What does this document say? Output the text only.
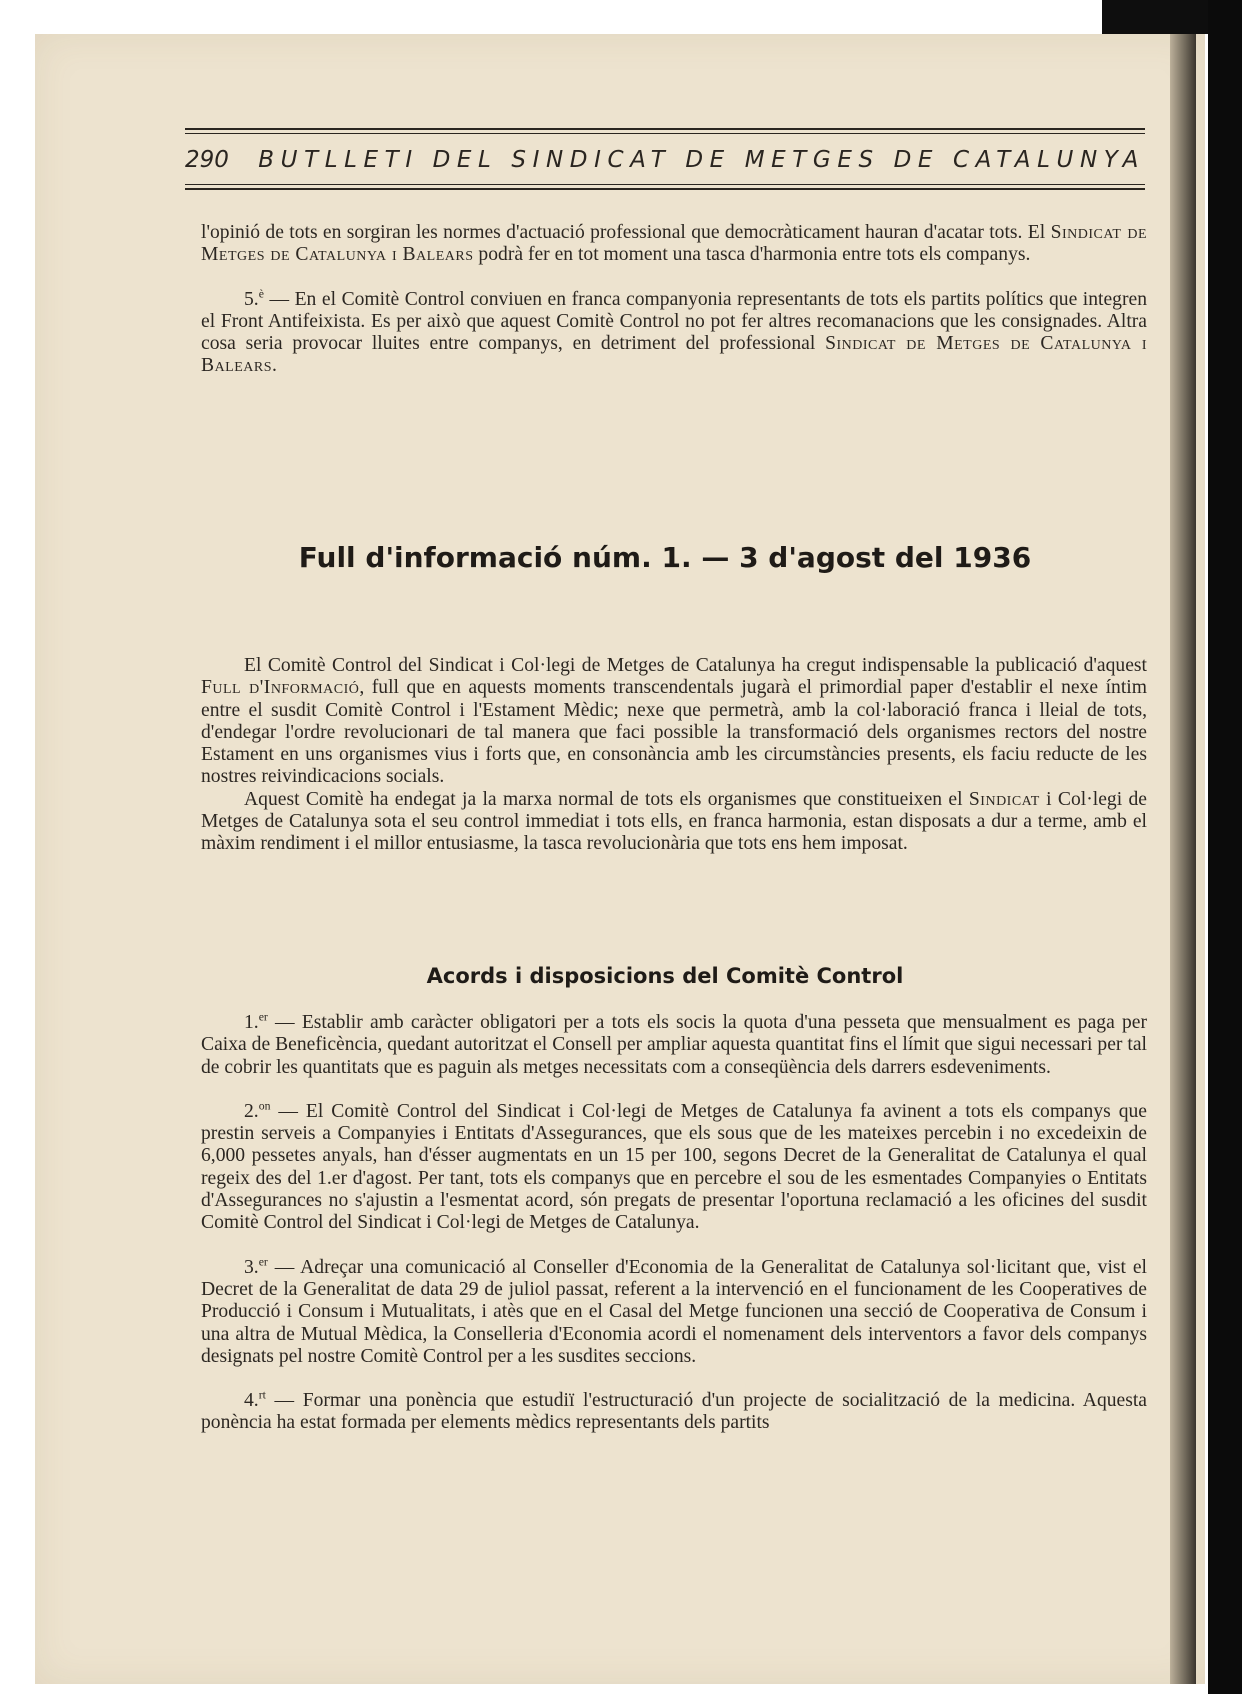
290 BUTLLETI DEL SINDICAT DE METGES DE CATALUNYA

l'opinió de tots en sorgiran les normes d'actuació professional que democràticament hauran d'acatar tots. El Sindicat de Metges de Catalunya i Balears podrà fer en tot moment una tasca d'harmonia entre tots els companys.

5.$^è$ — En el Comitè Control conviuen en franca companyonia representants de tots els partits polítics que integren el Front Antifeixista. Es per això que aquest Comitè Control no pot fer altres recomanacions que les consignades. Altra cosa seria provocar lluites entre companys, en detriment del professional Sindicat de Metges de Catalunya i Balears.

Full d'informació núm. 1. — 3 d'agost del 1936

El Comitè Control del Sindicat i Col·legi de Metges de Catalunya ha cregut indispensable la publicació d'aquest Full d'Informació, full que en aquests moments transcendentals jugarà el primordial paper d'establir el nexe íntim entre el susdit Comitè Control i l'Estament Mèdic; nexe que permetrà, amb la col·laboració franca i lleial de tots, d'endegar l'ordre revolucionari de tal manera que faci possible la transformació dels organismes rectors del nostre Estament en uns organismes vius i forts que, en consonància amb les circumstàncies presents, els faciu reducte de les nostres reivindicacions socials.

Aquest Comitè ha endegat ja la marxa normal de tots els organismes que constitueixen el Sindicat i Col·legi de Metges de Catalunya sota el seu control immediat i tots ells, en franca harmonia, estan disposats a dur a terme, amb el màxim rendiment i el millor entusiasme, la tasca revolucionària que tots ens hem imposat.

Acords i disposicions del Comitè Control

1.$^{er}$ — Establir amb caràcter obligatori per a tots els socis la quota d'una pesseta que mensualment es paga per Caixa de Beneficència, quedant autoritzat el Consell per ampliar aquesta quantitat fins el límit que sigui necessari per tal de cobrir les quantitats que es paguin als metges necessitats com a conseqüència dels darrers esdeveniments.

2.$^{on}$ — El Comitè Control del Sindicat i Col·legi de Metges de Catalunya fa avinent a tots els companys que prestin serveis a Companyies i Entitats d'Assegurances, que els sous que de les mateixes percebin i no excedeixin de 6,000 pessetes anyals, han d'ésser augmentats en un 15 per 100, segons Decret de la Generalitat de Catalunya el qual regeix des del 1.er d'agost. Per tant, tots els companys que en percebre el sou de les esmentades Companyies o Entitats d'Assegurances no s'ajustin a l'esmentat acord, són pregats de presentar l'oportuna reclamació a les oficines del susdit Comitè Control del Sindicat i Col·legi de Metges de Catalunya.

3.$^{er}$ — Adreçar una comunicació al Conseller d'Economia de la Generalitat de Catalunya sol·licitant que, vist el Decret de la Generalitat de data 29 de juliol passat, referent a la intervenció en el funcionament de les Cooperatives de Producció i Consum i Mutualitats, i atès que en el Casal del Metge funcionen una secció de Cooperativa de Consum i una altra de Mutual Mèdica, la Conselleria d'Economia acordi el nomenament dels interventors a favor dels companys designats pel nostre Comitè Control per a les susdites seccions.

4.$^{rt}$ — Formar una ponència que estudiï l'estructuració d'un projecte de socialització de la medicina. Aquesta ponència ha estat formada per elements mèdics representants dels partits
